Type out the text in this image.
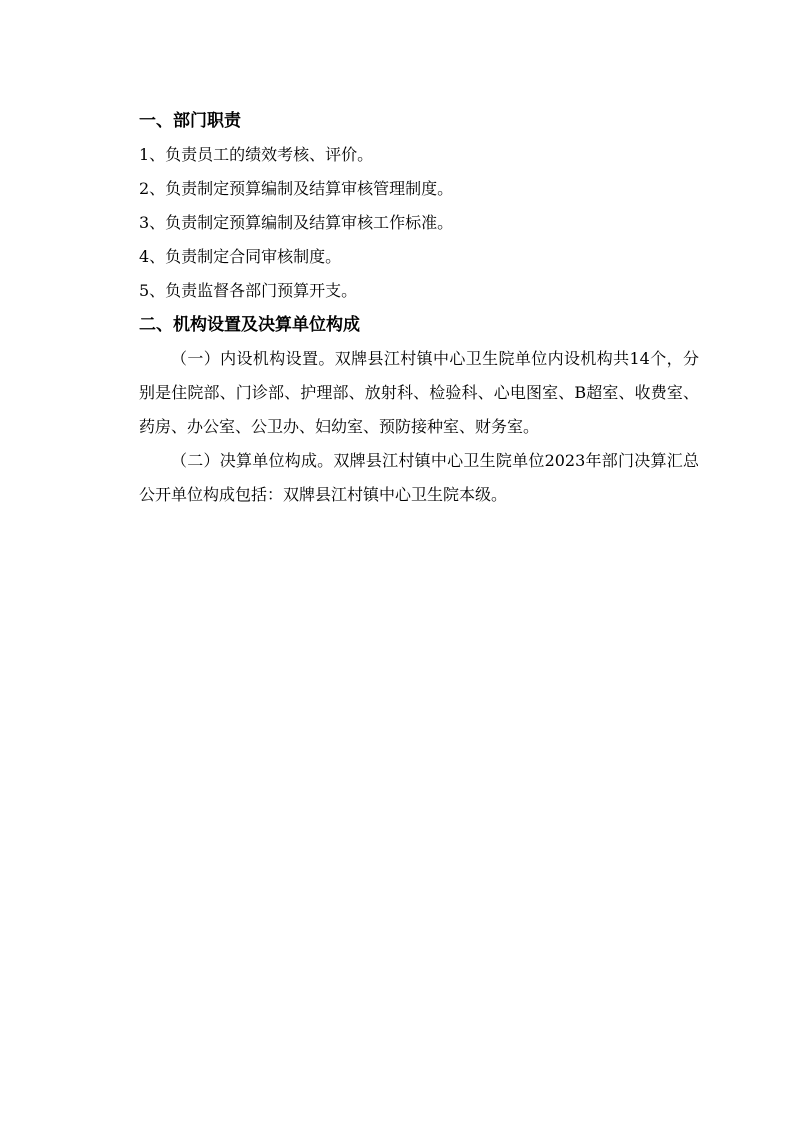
一、部门职责
1、负责员工的绩效考核、评价。
2、负责制定预算编制及结算审核管理制度。
3、负责制定预算编制及结算审核工作标准。
4、负责制定合同审核制度。
5、负责监督各部门预算开支。
二、机构设置及决算单位构成

（一）内设机构设置。双牌县江村镇中心卫生院单位内设机构共14个，分别是住院部、门诊部、护理部、放射科、检验科、心电图室、B超室、收费室、药房、办公室、公卫办、妇幼室、预防接种室、财务室。

（二）决算单位构成。双牌县江村镇中心卫生院单位2023年部门决算汇总公开单位构成包括：双牌县江村镇中心卫生院本级。
